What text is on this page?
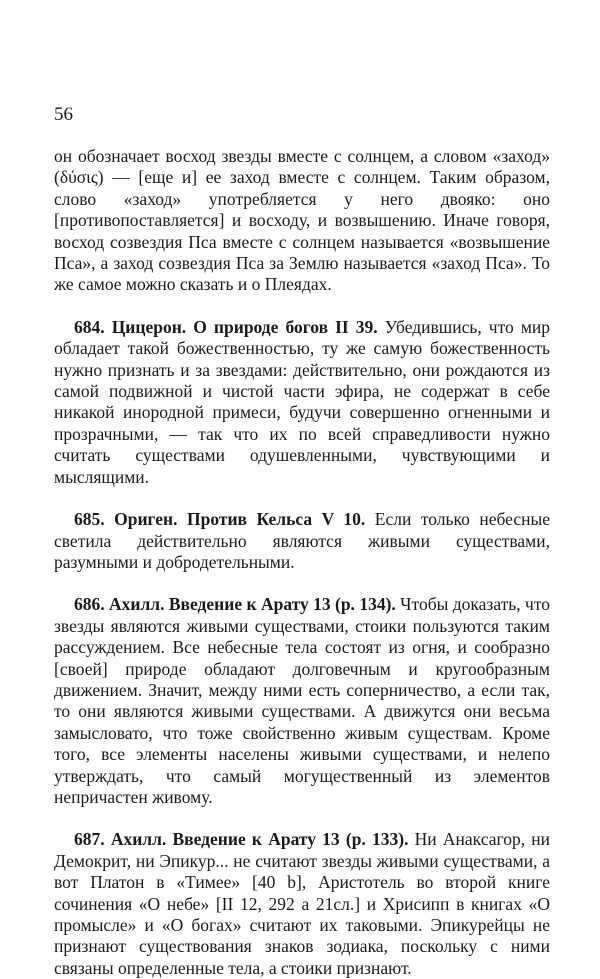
56

он обозначает восход звезды вместе с солнцем, а словом «заход» (δύσις) — [еще и] ее заход вместе с солнцем. Таким образом, слово «заход» употребляется у него двояко: оно [противопоставляется] и восходу, и возвышению. Иначе говоря, восход созвездия Пса вместе с солнцем называется «возвышение Пса», а заход созвездия Пса за Землю называется «заход Пса». То же самое можно сказать и о Плеядах.

684. Цицерон. О природе богов II 39. Убедившись, что мир обладает такой божественностью, ту же самую божественность нужно признать и за звездами: действительно, они рождаются из самой подвижной и чистой части эфира, не содержат в себе никакой инородной примеси, будучи совершенно огненными и прозрачными, — так что их по всей справедливости нужно считать существами одушевленными, чувствующими и мыслящими.

685. Ориген. Против Кельса V 10. Если только небесные светила действительно являются живыми существами, разумными и добродетельными.

686. Ахилл. Введение к Арату 13 (р. 134). Чтобы доказать, что звезды являются живыми существами, стоики пользуются таким рассуждением. Все небесные тела состоят из огня, и сообразно [своей] природе обладают долговечным и кругообразным движением. Значит, между ними есть соперничество, а если так, то они являются живыми существами. А движутся они весьма замысловато, что тоже свойственно живым существам. Кроме того, все элементы населены живыми существами, и нелепо утверждать, что самый могущественный из элементов непричастен живому.

687. Ахилл. Введение к Арату 13 (р. 133). Ни Анаксагор, ни Демокрит, ни Эпикур... не считают звезды живыми существами, а вот Платон в «Тимее» [40 b], Аристотель во второй книге сочинения «О небе» [II 12, 292 a 21сл.] и Хрисипп в книгах «О промысле» и «О богах» считают их таковыми. Эпикурейцы не признают существования знаков зодиака, поскольку с ними связаны определенные тела, а стоики признают.
